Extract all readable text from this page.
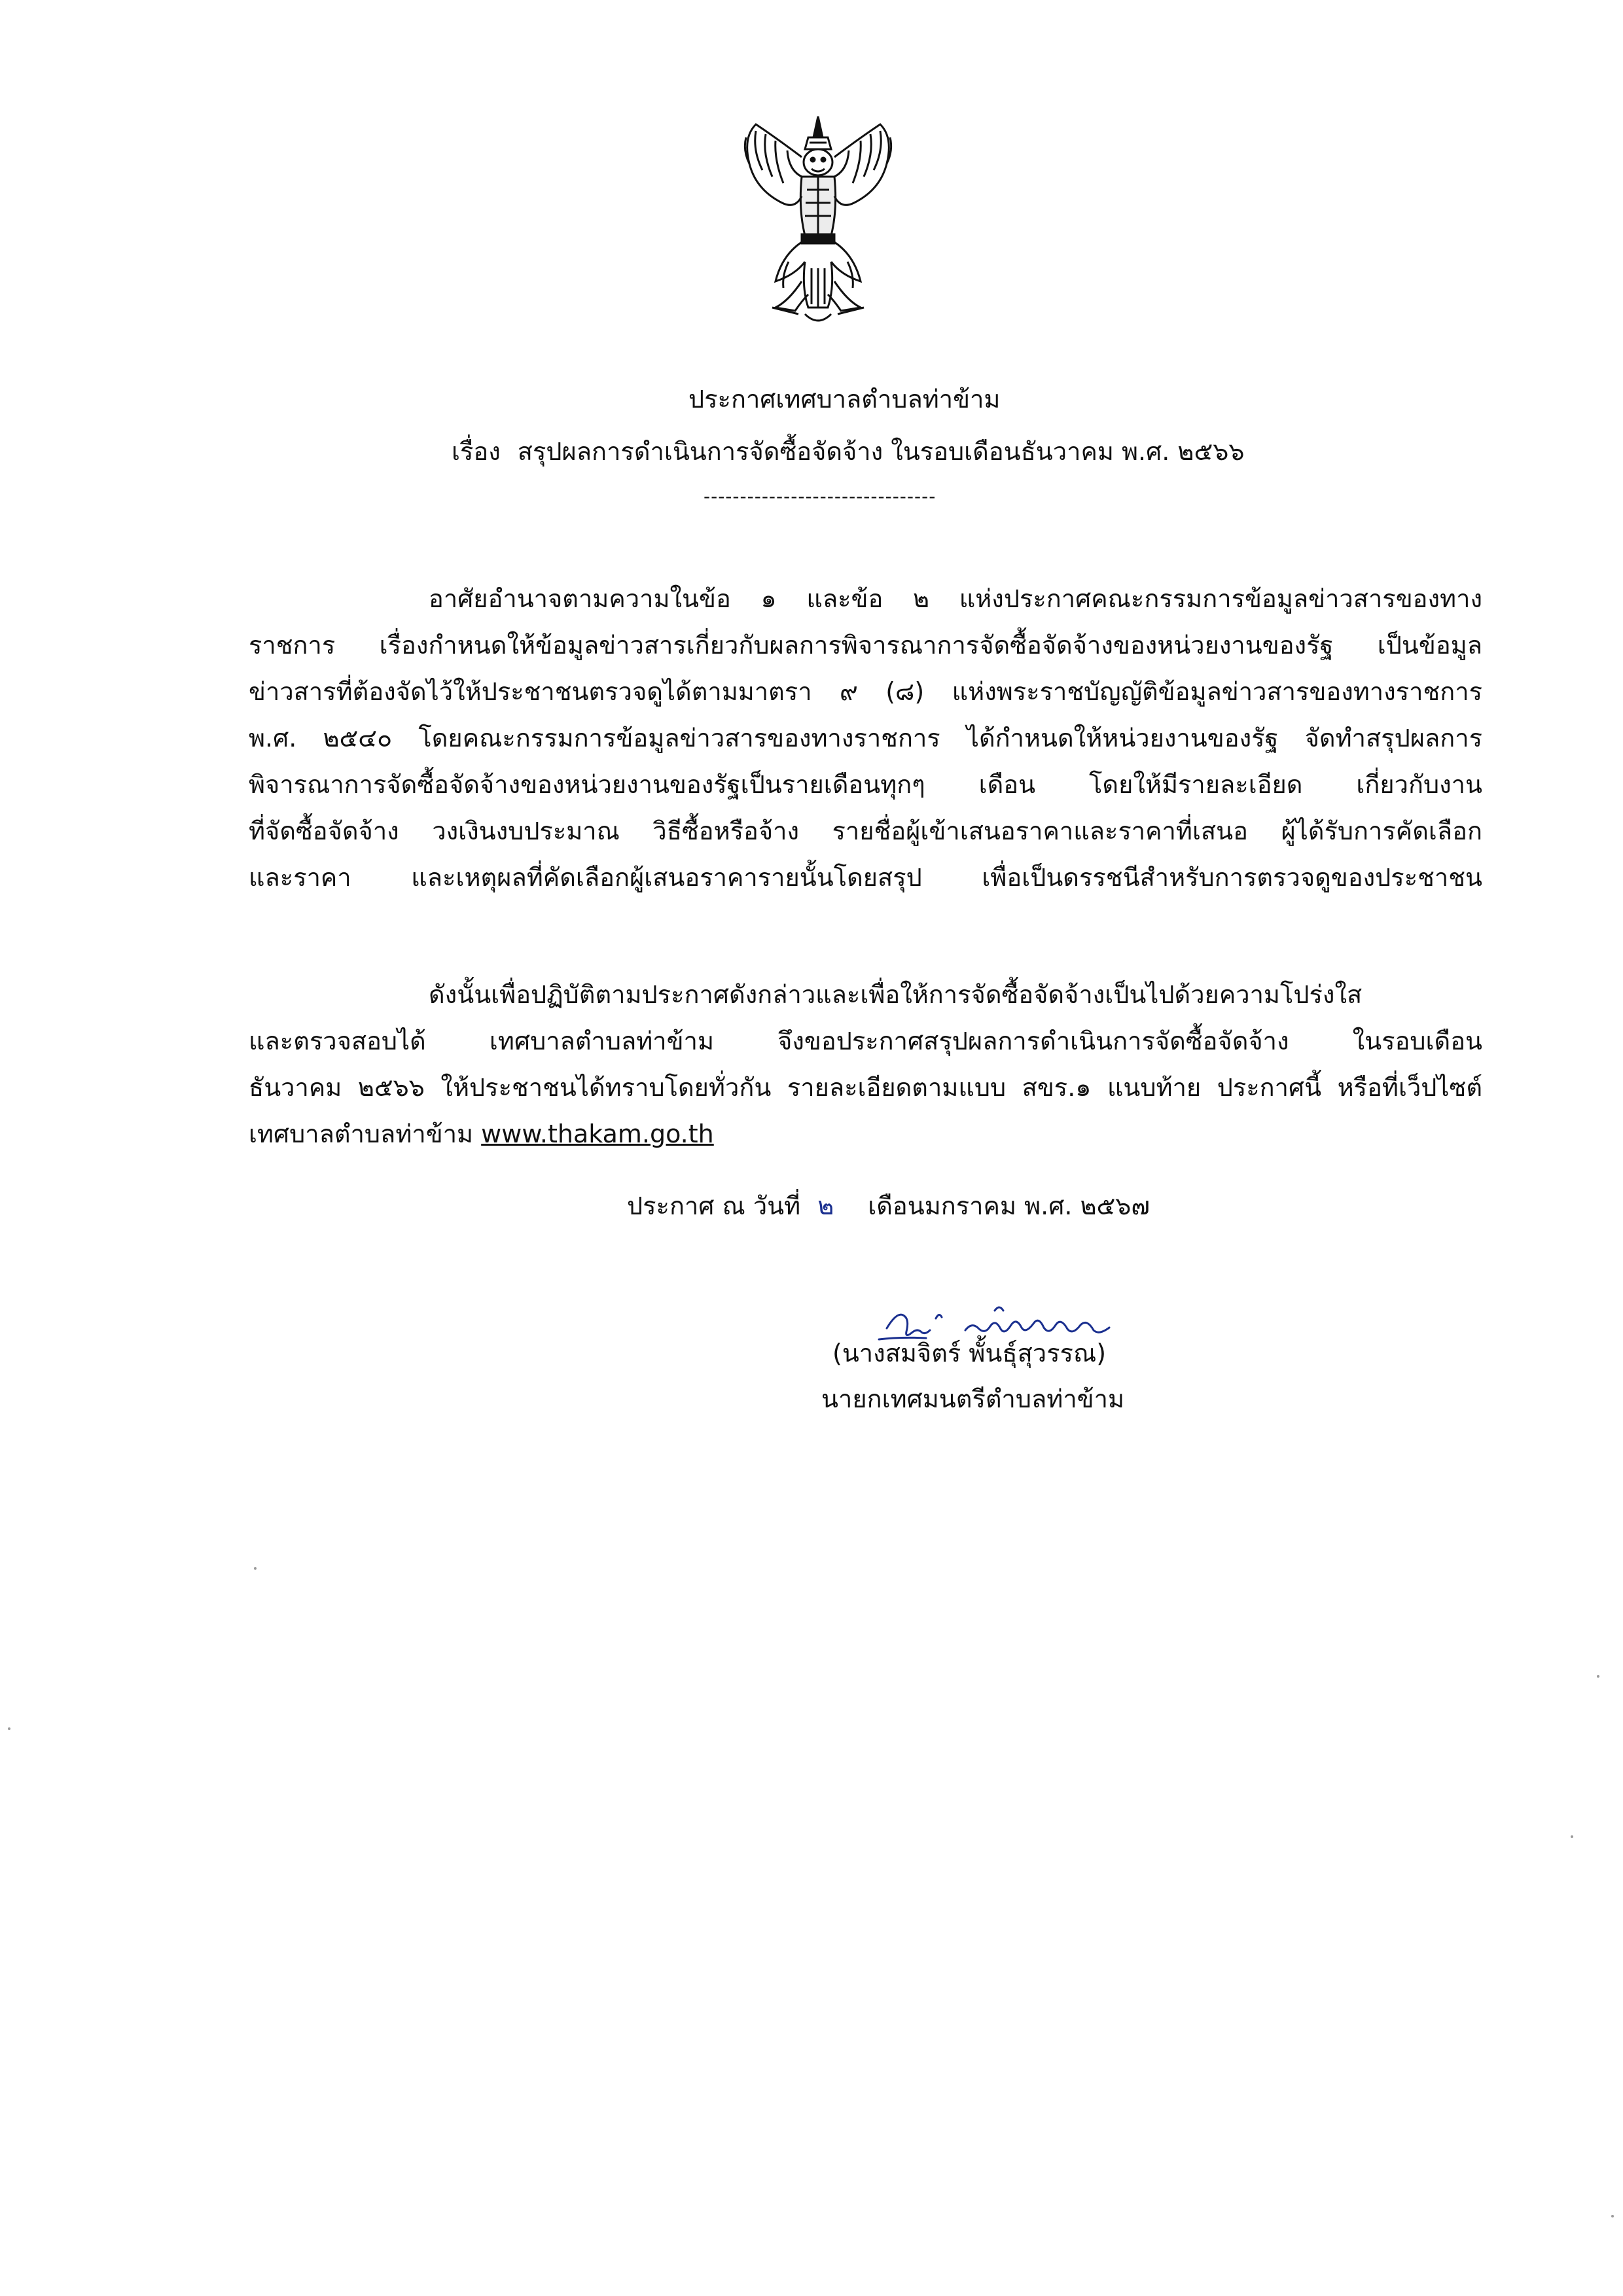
ประกาศเทศบาลตำบลท่าข้าม
เรื่อง สรุปผลการดำเนินการจัดซื้อจัดจ้าง ในรอบเดือนธันวาคม พ.ศ. ๒๕๖๖
--------------------------------
อาศัยอำนาจตามความในข้อ ๑ และข้อ ๒ แห่งประกาศคณะกรรมการข้อมูลข่าวสารของทาง
ราชการ เรื่องกำหนดให้ข้อมูลข่าวสารเกี่ยวกับผลการพิจารณาการจัดซื้อจัดจ้างของหน่วยงานของรัฐ เป็นข้อมูล
ข่าวสารที่ต้องจัดไว้ให้ประชาชนตรวจดูได้ตามมาตรา ๙ (๘) แห่งพระราชบัญญัติข้อมูลข่าวสารของทางราชการ
พ.ศ. ๒๕๔๐ โดยคณะกรรมการข้อมูลข่าวสารของทางราชการ ได้กำหนดให้หน่วยงานของรัฐ จัดทำสรุปผลการ
พิจารณาการจัดซื้อจัดจ้างของหน่วยงานของรัฐเป็นรายเดือนทุกๆ เดือน โดยให้มีรายละเอียด เกี่ยวกับงาน
ที่จัดซื้อจัดจ้าง วงเงินงบประมาณ วิธีซื้อหรือจ้าง รายชื่อผู้เข้าเสนอราคาและราคาที่เสนอ ผู้ได้รับการคัดเลือก
และราคา และเหตุผลที่คัดเลือกผู้เสนอราคารายนั้นโดยสรุป เพื่อเป็นดรรชนีสำหรับการตรวจดูของประชาชน
ดังนั้นเพื่อปฏิบัติตามประกาศดังกล่าวและเพื่อให้การจัดซื้อจัดจ้างเป็นไปด้วยความโปร่งใส
และตรวจสอบได้ เทศบาลตำบลท่าข้าม จึงขอประกาศสรุปผลการดำเนินการจัดซื้อจัดจ้าง ในรอบเดือน
ธันวาคม ๒๕๖๖ ให้ประชาชนได้ทราบโดยทั่วกัน รายละเอียดตามแบบ สขร.๑ แนบท้าย ประกาศนี้ หรือที่เว็ปไซต์
เทศบาลตำบลท่าข้าม www.thakam.go.th
ประกาศ ณ วันที่ ๒ เดือนมกราคม พ.ศ. ๒๕๖๗
(นางสมจิตร์ พั้นธุ์สุวรรณ)
นายกเทศมนตรีตำบลท่าข้าม
